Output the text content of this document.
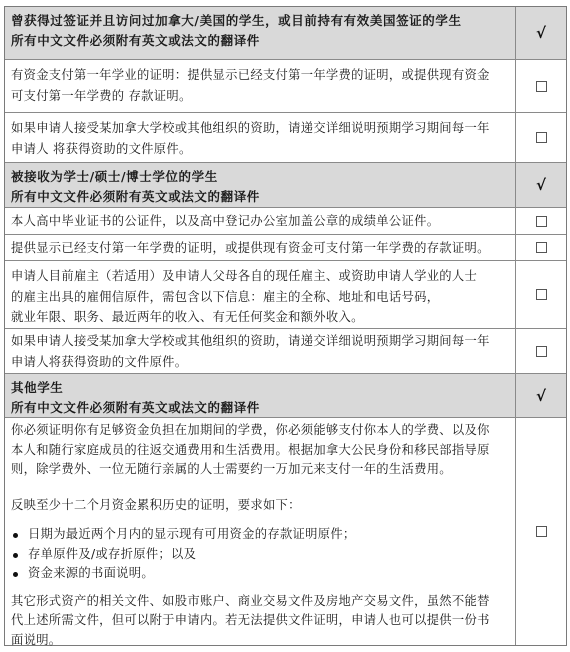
曾获得过签证并且访问过加拿大/美国的学生，或目前持有有效美国签证的学生
所有中文文件必须附有英文或法文的翻译件	√
有资金支付第一年学业的证明：提供显示已经支付第一年学费的证明，或提供现有资金
可支付第一年学费的 存款证明。
如果申请人接受某加拿大学校或其他组织的资助，请递交详细说明预期学习期间每一年
申请人 将获得资助的文件原件。
被接收为学士/硕士/博士学位的学生
所有中文文件必须附有英文或法文的翻译件
√
本人高中毕业证书的公证件，以及高中登记办公室加盖公章的成绩单公证件。
提供显示已经支付第一年学费的证明，或提供现有资金可支付第一年学费的存款证明。
申请人目前雇主（若适用）及申请人父母各自的现任雇主、或资助申请人学业的人士
的雇主出具的雇佣信原件，需包含以下信息：雇主的全称、地址和电话号码，
就业年限、职务、最近两年的收入、有无任何奖金和额外收入。
如果申请人接受某加拿大学校或其他组织的资助，请递交详细说明预期学习期间每一年
申请人将获得资助的文件原件。
其他学生
所有中文文件必须附有英文或法文的翻译件
√
你必须证明你有足够资金负担在加期间的学费，你必须能够支付你本人的学费、以及你
本人和随行家庭成员的往返交通费用和生活费用。根据加拿大公民身份和移民部指导原
则，除学费外、一位无随行亲属的人士需要约一万加元来支付一年的生活费用。
反映至少十二个月资金累积历史的证明，要求如下：
日期为最近两个月内的显示现有可用资金的存款证明原件；
存单原件及/或存折原件；以及
资金来源的书面说明。
其它形式资产的相关文件、如股市账户、商业交易文件及房地产交易文件，虽然不能替
代上述所需文件，但可以附于申请内。若无法提供文件证明，申请人也可以提供一份书
面说明。
